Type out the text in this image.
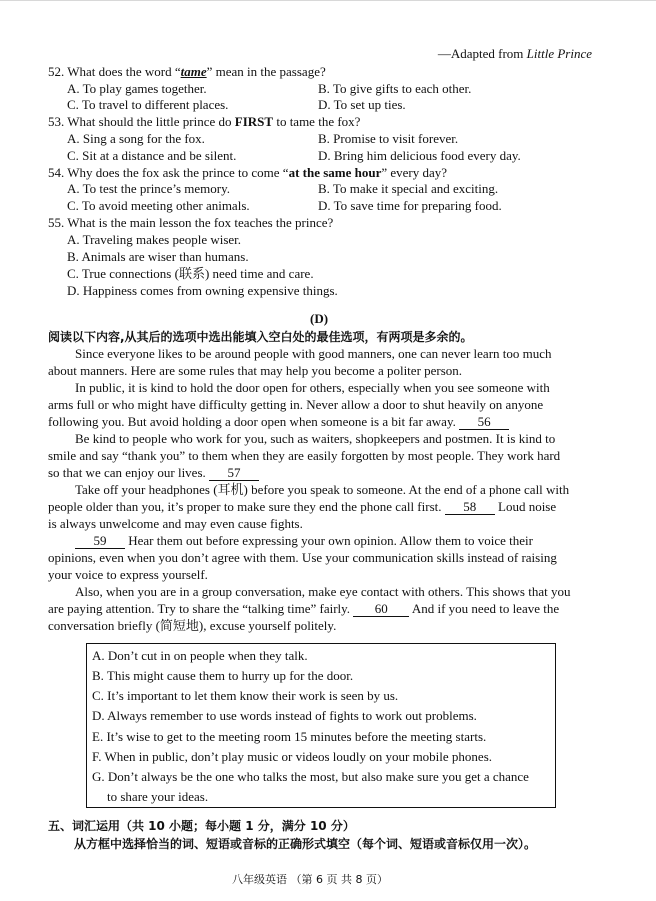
—Adapted from Little Prince
52. What does the word “tame” mean in the passage?
A. To play games together.	B. To give gifts to each other.
C. To travel to different places.	D. To set up ties.
53. What should the little prince do FIRST to tame the fox?
A. Sing a song for the fox.	B. Promise to visit forever.
C. Sit at a distance and be silent.	D. Bring him delicious food every day.
54. Why does the fox ask the prince to come “at the same hour” every day?
A. To test the prince’s memory.	B. To make it special and exciting.
C. To avoid meeting other animals.	D. To save time for preparing food.
55. What is the main lesson the fox teaches the prince?
A. Traveling makes people wiser.
B. Animals are wiser than humans.
C. True connections (联系) need time and care.
D. Happiness comes from owning expensive things.
(D)
阅读以下内容,从其后的选项中选出能填入空白处的最佳选项，有两项是多余的。
Since everyone likes to be around people with good manners, one can never learn too much
about manners. Here are some rules that may help you become a politer person.
In public, it is kind to hold the door open for others, especially when you see someone with
arms full or who might have difficulty getting in. Never allow a door to shut heavily on anyone
following you. But avoid holding a door open when someone is a bit far away. 56
Be kind to people who work for you, such as waiters, shopkeepers and postmen. It is kind to
smile and say “thank you” to them when they are easily forgotten by most people. They work hard
so that we can enjoy our lives. 57
Take off your headphones (耳机) before you speak to someone. At the end of a phone call with
people older than you, it’s proper to make sure they end the phone call first. 58 Loud noise
is always unwelcome and may even cause fights.
59 Hear them out before expressing your own opinion. Allow them to voice their
opinions, even when you don’t agree with them. Use your communication skills instead of raising
your voice to express yourself.
Also, when you are in a group conversation, make eye contact with others. This shows that you
are paying attention. Try to share the “talking time” fairly. 60 And if you need to leave the
conversation briefly (简短地), excuse yourself politely.
A. Don’t cut in on people when they talk.
B. This might cause them to hurry up for the door.
C. It’s important to let them know their work is seen by us.
D. Always remember to use words instead of fights to work out problems.
E. It’s wise to get to the meeting room 15 minutes before the meeting starts.
F. When in public, don’t play music or videos loudly on your mobile phones.
G. Don’t always be the one who talks the most, but also make sure you get a chance
to share your ideas.
五、词汇运用（共 10 小题；每小题 1 分，满分 10 分）
从方框中选择恰当的词、短语或音标的正确形式填空（每个词、短语或音标仅用一次）。
八年级英语 （第 6 页 共 8 页）
